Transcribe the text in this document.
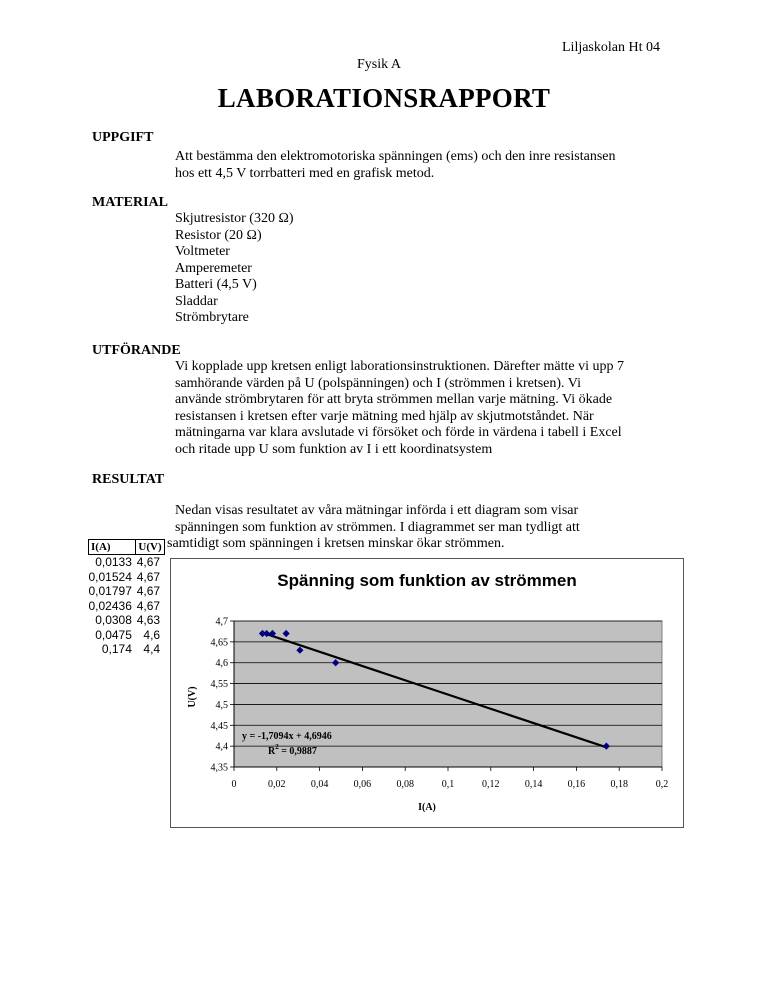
Liljaskolan Ht 04
Fysik A
LABORATIONSRAPPORT
UPPGIFT
Att bestämma den elektromotoriska spänningen (ems) och den inre resistansen
hos ett 4,5 V torrbatteri med en grafisk metod.
MATERIAL
Skjutresistor (320 Ω)
Resistor (20 Ω)
Voltmeter
Amperemeter
Batteri (4,5 V)
Sladdar
Strömbrytare
UTFÖRANDE
Vi kopplade upp kretsen enligt laborationsinstruktionen. Därefter mätte vi upp 7
samhörande värden på U (polspänningen) och I (strömmen i kretsen). Vi
använde strömbrytaren för att bryta strömmen mellan varje mätning. Vi ökade
resistansen i kretsen efter varje mätning med hjälp av skjutmotståndet. När
mätningarna var klara avslutade vi försöket och förde in värdena i tabell i Excel
och ritade upp U som funktion av I i ett koordinatsystem
RESULTAT
Nedan visas resultatet av våra mätningar införda i ett diagram som visar
spänningen som funktion av strömmen. I diagrammet ser man tydligt att
samtidigt som spänningen i kretsen minskar ökar strömmen.
I(A)	U(V)
0,0133	4,67
0,01524	4,67
0,01797	4,67
0,02436	4,67
0,0308	4,63
0,0475	4,6
0,174	4,4
Spänning som funktion av strömmen
4,35
4,4
4,45
4,5
4,55
4,6
4,65
4,7
0	0,02	0,04	0,06	0,08	0,1	0,12	0,14	0,16	0,18	0,2
y = -1,7094x + 4,6946
$R^2 = 0,9887$
I(A)
U(V)
